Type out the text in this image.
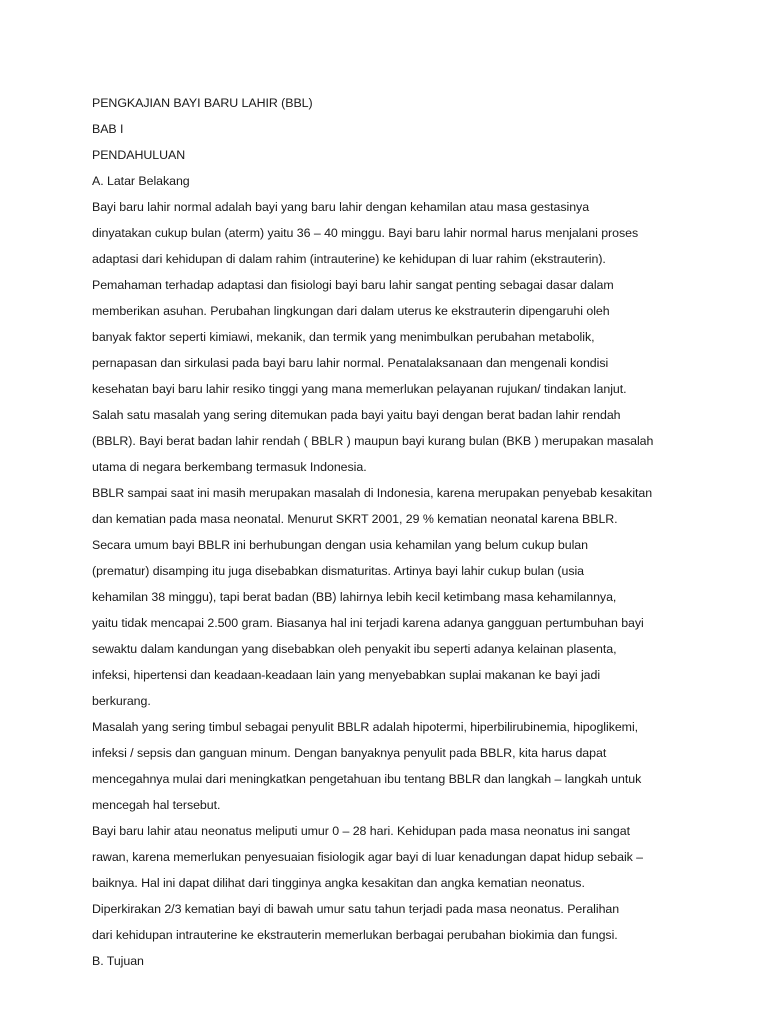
PENGKAJIAN BAYI BARU LAHIR (BBL)
BAB I
PENDAHULUAN
A. Latar Belakang
Bayi baru lahir normal adalah bayi yang baru lahir dengan kehamilan atau masa gestasinya
dinyatakan cukup bulan (aterm) yaitu 36 – 40 minggu. Bayi baru lahir normal harus menjalani proses
adaptasi dari kehidupan di dalam rahim (intrauterine) ke kehidupan di luar rahim (ekstrauterin).
Pemahaman terhadap adaptasi dan fisiologi bayi baru lahir sangat penting sebagai dasar dalam
memberikan asuhan. Perubahan lingkungan dari dalam uterus ke ekstrauterin dipengaruhi oleh
banyak faktor seperti kimiawi, mekanik, dan termik yang menimbulkan perubahan metabolik,
pernapasan dan sirkulasi pada bayi baru lahir normal. Penatalaksanaan dan mengenali kondisi
kesehatan bayi baru lahir resiko tinggi yang mana memerlukan pelayanan rujukan/ tindakan lanjut.
Salah satu masalah yang sering ditemukan pada bayi yaitu bayi dengan berat badan lahir rendah
(BBLR). Bayi berat badan lahir rendah ( BBLR ) maupun bayi kurang bulan (BKB ) merupakan masalah
utama di negara berkembang termasuk Indonesia.
BBLR sampai saat ini masih merupakan masalah di Indonesia, karena merupakan penyebab kesakitan
dan kematian pada masa neonatal. Menurut SKRT 2001, 29 % kematian neonatal karena BBLR.
Secara umum bayi BBLR ini berhubungan dengan usia kehamilan yang belum cukup bulan
(prematur) disamping itu juga disebabkan dismaturitas. Artinya bayi lahir cukup bulan (usia
kehamilan 38 minggu), tapi berat badan (BB) lahirnya lebih kecil ketimbang masa kehamilannya,
yaitu tidak mencapai 2.500 gram. Biasanya hal ini terjadi karena adanya gangguan pertumbuhan bayi
sewaktu dalam kandungan yang disebabkan oleh penyakit ibu seperti adanya kelainan plasenta,
infeksi, hipertensi dan keadaan-keadaan lain yang menyebabkan suplai makanan ke bayi jadi
berkurang.
Masalah yang sering timbul sebagai penyulit BBLR adalah hipotermi, hiperbilirubinemia, hipoglikemi,
infeksi / sepsis dan ganguan minum. Dengan banyaknya penyulit pada BBLR, kita harus dapat
mencegahnya mulai dari meningkatkan pengetahuan ibu tentang BBLR dan langkah – langkah untuk
mencegah hal tersebut.
Bayi baru lahir atau neonatus meliputi umur 0 – 28 hari. Kehidupan pada masa neonatus ini sangat
rawan, karena memerlukan penyesuaian fisiologik agar bayi di luar kenadungan dapat hidup sebaik –
baiknya. Hal ini dapat dilihat dari tingginya angka kesakitan dan angka kematian neonatus.
Diperkirakan 2/3 kematian bayi di bawah umur satu tahun terjadi pada masa neonatus. Peralihan
dari kehidupan intrauterine ke ekstrauterin memerlukan berbagai perubahan biokimia dan fungsi.
B. Tujuan
